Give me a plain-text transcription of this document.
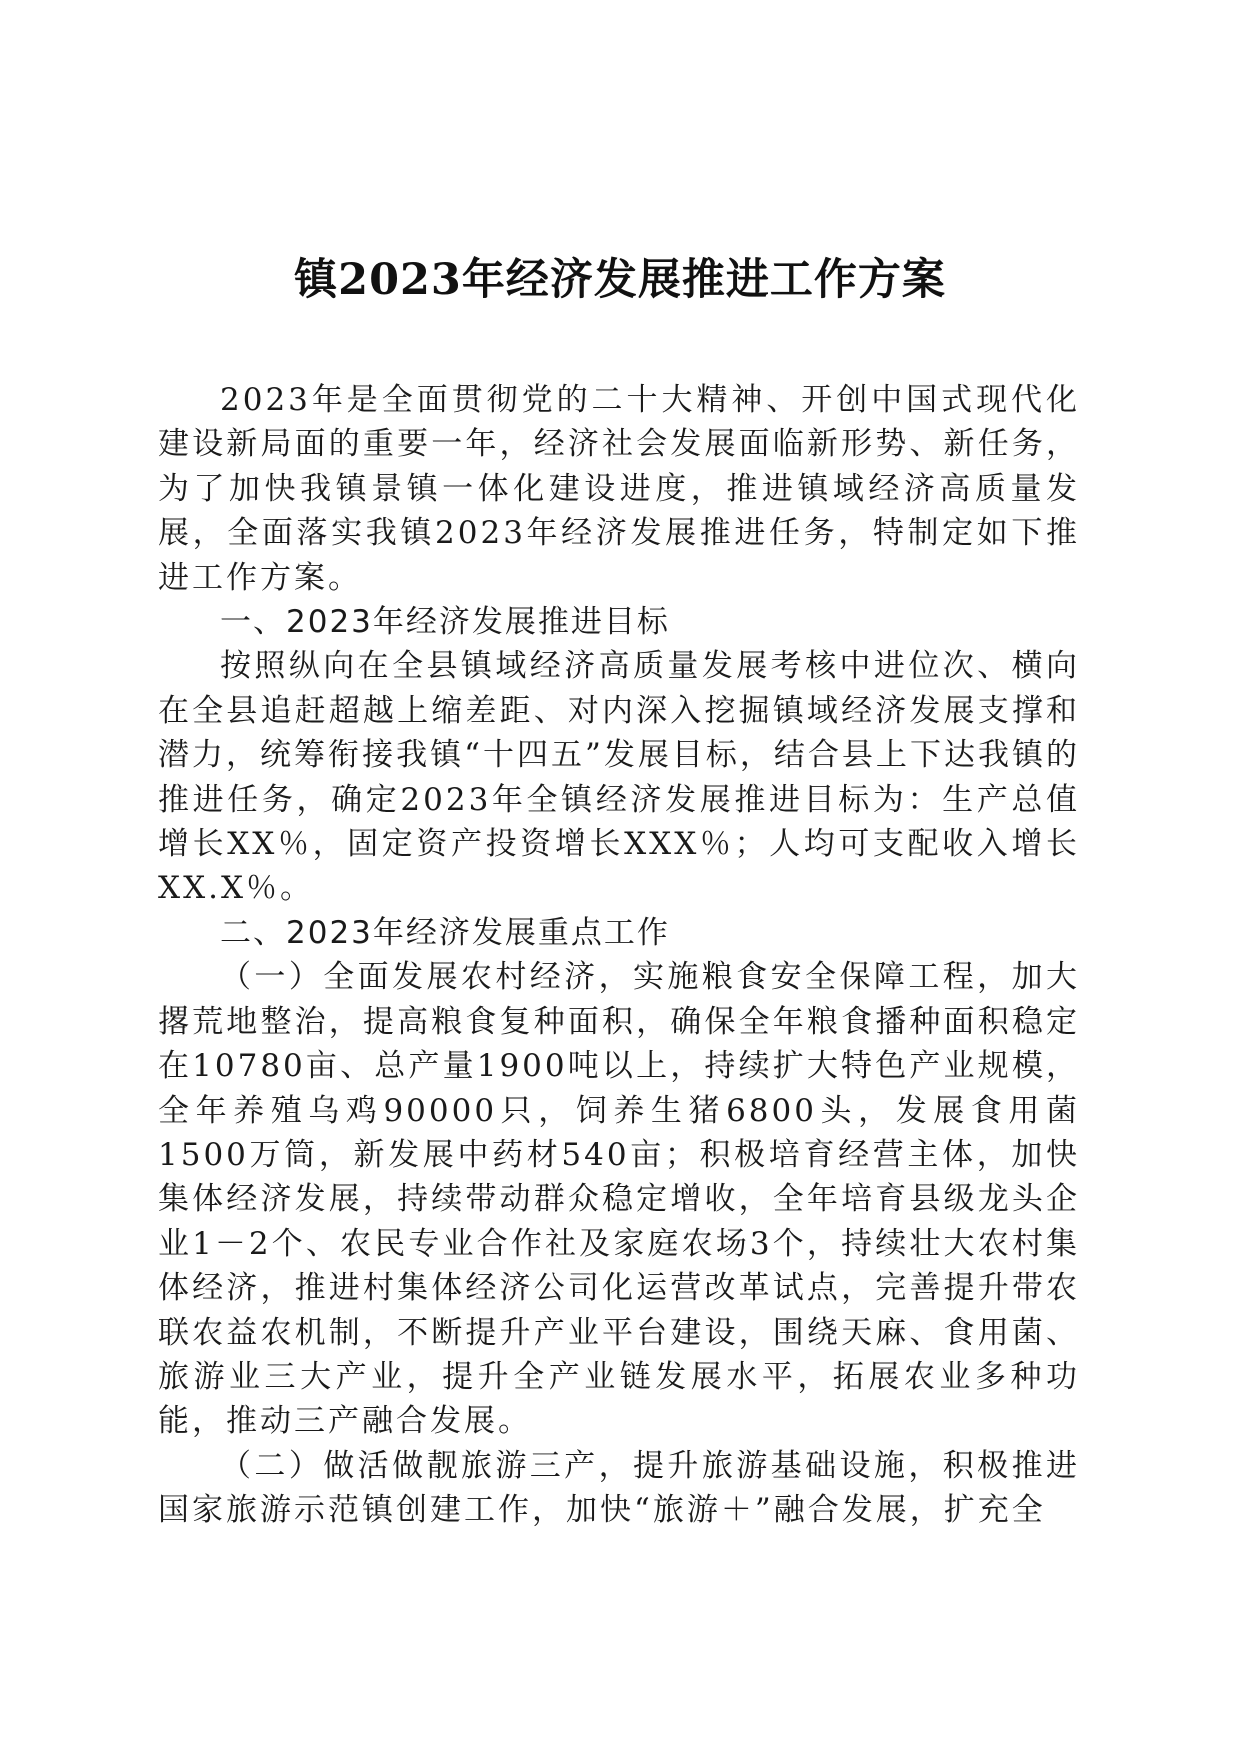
镇2023年经济发展推进工作方案

2023年是全面贯彻党的二十大精神、开创中国式现代化建设新局面的重要一年，经济社会发展面临新形势、新任务，为了加快我镇景镇一体化建设进度，推进镇域经济高质量发展，全面落实我镇2023年经济发展推进任务，特制定如下推进工作方案。

一、2023年经济发展推进目标

按照纵向在全县镇域经济高质量发展考核中进位次、横向在全县追赶超越上缩差距、对内深入挖掘镇域经济发展支撑和潜力，统筹衔接我镇“十四五”发展目标，结合县上下达我镇的推进任务，确定2023年全镇经济发展推进目标为：生产总值增长XX％，固定资产投资增长XXX％；人均可支配收入增长XX.X％。

二、2023年经济发展重点工作

（一）全面发展农村经济，实施粮食安全保障工程，加大撂荒地整治，提高粮食复种面积，确保全年粮食播种面积稳定在10780亩、总产量1900吨以上，持续扩大特色产业规模，全年养殖乌鸡90000只，饲养生猪6800头，发展食用菌1500万筒，新发展中药材540亩；积极培育经营主体，加快集体经济发展，持续带动群众稳定增收，全年培育县级龙头企业1－2个、农民专业合作社及家庭农场3个，持续壮大农村集体经济，推进村集体经济公司化运营改革试点，完善提升带农联农益农机制，不断提升产业平台建设，围绕天麻、食用菌、旅游业三大产业，提升全产业链发展水平，拓展农业多种功能，推动三产融合发展。

（二）做活做靓旅游三产，提升旅游基础设施，积极推进国家旅游示范镇创建工作，加快“旅游＋”融合发展，扩充全
